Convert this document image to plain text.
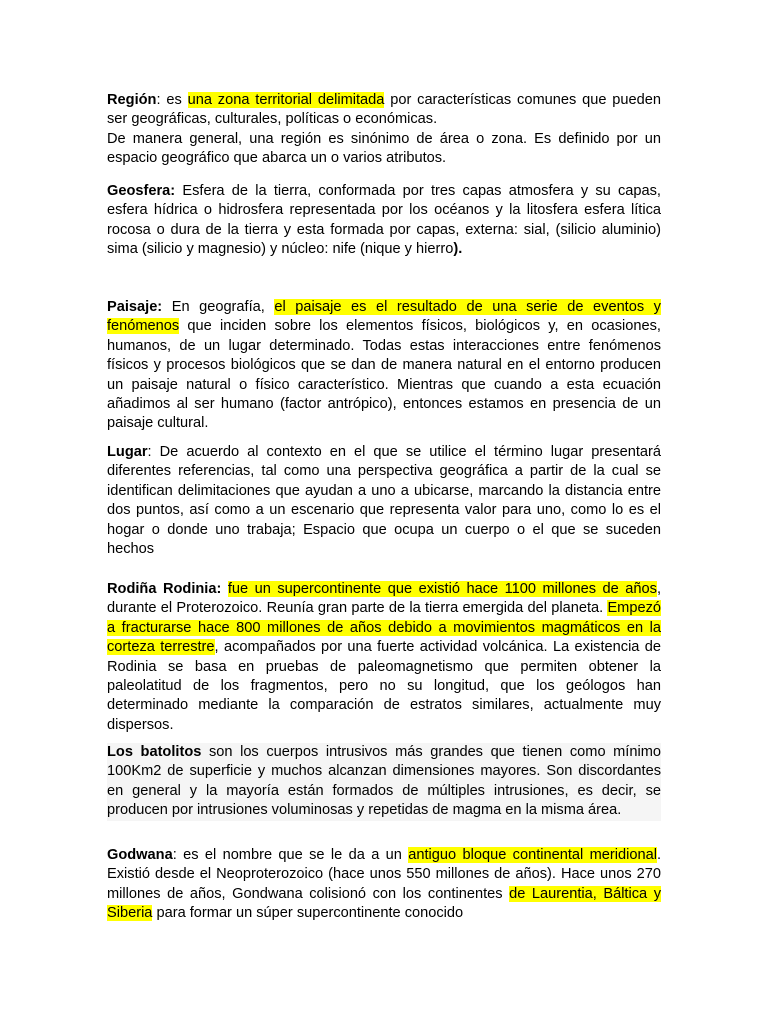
Región: es una zona territorial delimitada por características comunes que pueden ser geográficas, culturales, políticas o económicas.
De manera general, una región es sinónimo de área o zona. Es definido por un espacio geográfico que abarca un o varios atributos.

Geosfera: Esfera de la tierra, conformada por tres capas atmosfera y su capas, esfera hídrica o hidrosfera representada por los océanos y la litosfera esfera lítica rocosa o dura de la tierra y esta formada por capas, externa: sial, (silicio aluminio) sima (silicio y magnesio) y núcleo: nife (nique y hierro).

Paisaje: En geografía, el paisaje es el resultado de una serie de eventos y fenómenos que inciden sobre los elementos físicos, biológicos y, en ocasiones, humanos, de un lugar determinado. Todas estas interacciones entre fenómenos físicos y procesos biológicos que se dan de manera natural en el entorno producen un paisaje natural o físico característico. Mientras que cuando a esta ecuación añadimos al ser humano (factor antrópico), entonces estamos en presencia de un paisaje cultural.

Lugar: De acuerdo al contexto en el que se utilice el término lugar presentará diferentes referencias, tal como una perspectiva geográfica a partir de la cual se identifican delimitaciones que ayudan a uno a ubicarse, marcando la distancia entre dos puntos, así como a un escenario que representa valor para uno, como lo es el hogar o donde uno trabaja; Espacio que ocupa un cuerpo o el que se suceden hechos

Rodiña Rodinia: fue un supercontinente que existió hace 1100 millones de años, durante el Proterozoico. Reunía gran parte de la tierra emergida del planeta. Empezó a fracturarse hace 800 millones de años debido a movimientos magmáticos en la corteza terrestre, acompañados por una fuerte actividad volcánica. La existencia de Rodinia se basa en pruebas de paleomagnetismo que permiten obtener la paleolatitud de los fragmentos, pero no su longitud, que los geólogos han determinado mediante la comparación de estratos similares, actualmente muy dispersos.

Los batolitos son los cuerpos intrusivos más grandes que tienen como mínimo 100Km2 de superficie y muchos alcanzan dimensiones mayores. Son discordantes en general y la mayoría están formados de múltiples intrusiones, es decir, se producen por intrusiones voluminosas y repetidas de magma en la misma área.

Godwana: es el nombre que se le da a un antiguo bloque continental meridional. Existió desde el Neoproterozoico (hace unos 550 millones de años). Hace unos 270 millones de años, Gondwana colisionó con los continentes de Laurentia, Báltica y Siberia para formar un súper supercontinente conocido
